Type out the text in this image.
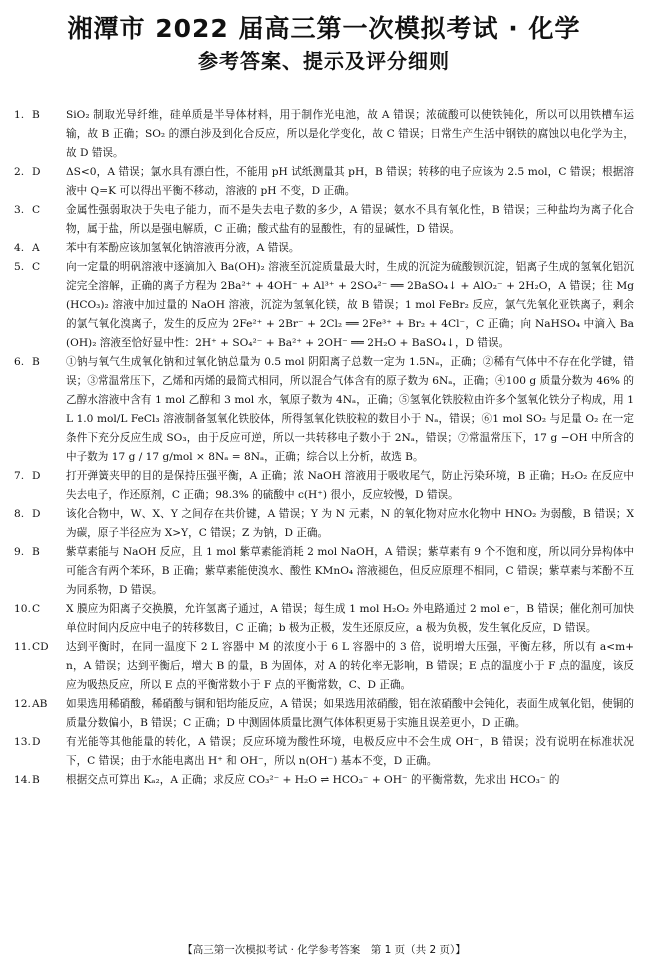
湘潭市 2022 届高三第一次模拟考试 · 化学
参考答案、提示及评分细则
1. B	SiO₂ 制取光导纤维，硅单质是半导体材料，用于制作光电池，故 A 错误；浓硫酸可以使铁钝化，所以可以用铁槽车运输，故 B 正确；SO₂ 的漂白涉及到化合反应，所以是化学变化，故 C 错误；日常生产生活中钢铁的腐蚀以电化学为主，故 D 错误。
2. D	ΔS<0，A 错误；氯水具有漂白性，不能用 pH 试纸测量其 pH，B 错误；转移的电子应该为 2.5 mol，C 错误；根据溶液中 Q=K 可以得出平衡不移动，溶液的 pH 不变，D 正确。
3. C	金属性强弱取决于失电子能力，而不是失去电子数的多少，A 错误；氨水不具有氧化性，B 错误；三种盐均为离子化合物，属于盐，所以是强电解质，C 正确；酸式盐有的显酸性，有的显碱性，D 错误。
4. A	苯中有苯酚应该加氢氧化钠溶液再分液，A 错误。
5. C	向一定量的明矾溶液中逐滴加入 Ba(OH)₂ 溶液至沉淀质量最大时，生成的沉淀为硫酸钡沉淀，铝离子生成的氢氧化铝沉淀完全溶解，正确的离子方程为 2Ba²⁺ + 4OH⁻ + Al³⁺ + 2SO₄²⁻ ══ 2BaSO₄↓ + AlO₂⁻ + 2H₂O，A 错误；往 Mg(HCO₃)₂ 溶液中加过量的 NaOH 溶液，沉淀为氢氧化镁，故 B 错误；1 mol FeBr₂ 反应，氯气先氧化亚铁离子，剩余的氯气氧化溴离子，发生的反应为 2Fe²⁺ + 2Br⁻ + 2Cl₂ ══ 2Fe³⁺ + Br₂ + 4Cl⁻，C 正确；向 NaHSO₄ 中滴入 Ba(OH)₂ 溶液至恰好显中性：2H⁺ + SO₄²⁻ + Ba²⁺ + 2OH⁻ ══ 2H₂O + BaSO₄↓，D 错误。
6. B	①钠与氧气生成氧化钠和过氧化钠总量为 0.5 mol 阴阳离子总数一定为 1.5Nₐ，正确；②稀有气体中不存在化学键，错误；③常温常压下，乙烯和丙烯的最简式相同，所以混合气体含有的原子数为 6Nₐ，正确；④100 g 质量分数为 46% 的乙醇水溶液中含有 1 mol 乙醇和 3 mol 水，氧原子数为 4Nₐ，正确；⑤氢氧化铁胶粒由许多个氢氧化铁分子构成，用 1 L 1.0 mol/L FeCl₃ 溶液制备氢氧化铁胶体，所得氢氧化铁胶粒的数目小于 Nₐ，错误；⑥1 mol SO₂ 与足量 O₂ 在一定条件下充分反应生成 SO₃，由于反应可逆，所以一共转移电子数小于 2Nₐ，错误；⑦常温常压下，17 g −OH 中所含的中子数为 17 g / 17 g/mol × 8Nₐ = 8Nₐ，正确；综合以上分析，故选 B。
7. D	打开弹簧夹甲的目的是保持压强平衡，A 正确；浓 NaOH 溶液用于吸收尾气，防止污染环境，B 正确；H₂O₂ 在反应中失去电子，作还原剂，C 正确；98.3% 的硫酸中 c(H⁺) 很小，反应较慢，D 错误。
8. D	该化合物中，W、X、Y 之间存在共价键，A 错误；Y 为 N 元素，N 的氧化物对应水化物中 HNO₂ 为弱酸，B 错误；X 为碳，原子半径应为 X>Y，C 错误；Z 为钠，D 正确。
9. B	紫草素能与 NaOH 反应，且 1 mol 紫草素能消耗 2 mol NaOH，A 错误；紫草素有 9 个不饱和度，所以同分异构体中可能含有两个苯环，B 正确；紫草素能使溴水、酸性 KMnO₄ 溶液褪色，但反应原理不相同，C 错误；紫草素与苯酚不互为同系物，D 错误。
10. C	X 膜应为阳离子交换膜，允许氢离子通过，A 错误；每生成 1 mol H₂O₂ 外电路通过 2 mol e⁻，B 错误；催化剂可加快单位时间内反应中电子的转移数目，C 正确；b 极为正极，发生还原反应，a 极为负极，发生氧化反应，D 错误。
11. CD	达到平衡时，在同一温度下 2 L 容器中 M 的浓度小于 6 L 容器中的 3 倍，说明增大压强，平衡左移，所以有 a<m+n，A 错误；达到平衡后，增大 B 的量，B 为固体，对 A 的转化率无影响，B 错误；E 点的温度小于 F 点的温度，该反应为吸热反应，所以 E 点的平衡常数小于 F 点的平衡常数，C、D 正确。
12. AB	如果选用稀硝酸，稀硝酸与铜和铝均能反应，A 错误；如果选用浓硝酸，铝在浓硝酸中会钝化，表面生成氧化铝，使铜的质量分数偏小，B 错误；C 正确；D 中测固体质量比测气体体积更易于实施且误差更小，D 正确。
13. D	有光能等其他能量的转化，A 错误；反应环境为酸性环境，电极反应中不会生成 OH⁻，B 错误；没有说明在标准状况下，C 错误；由于水能电离出 H⁺ 和 OH⁻，所以 n(OH⁻) 基本不变，D 正确。
14. B	根据交点可算出 Kₐ₂，A 正确；求反应 CO₃²⁻ + H₂O ⇌ HCO₃⁻ + OH⁻ 的平衡常数，先求出 HCO₃⁻ 的
【高三第一次模拟考试 · 化学参考答案　第 1 页（共 2 页）】
